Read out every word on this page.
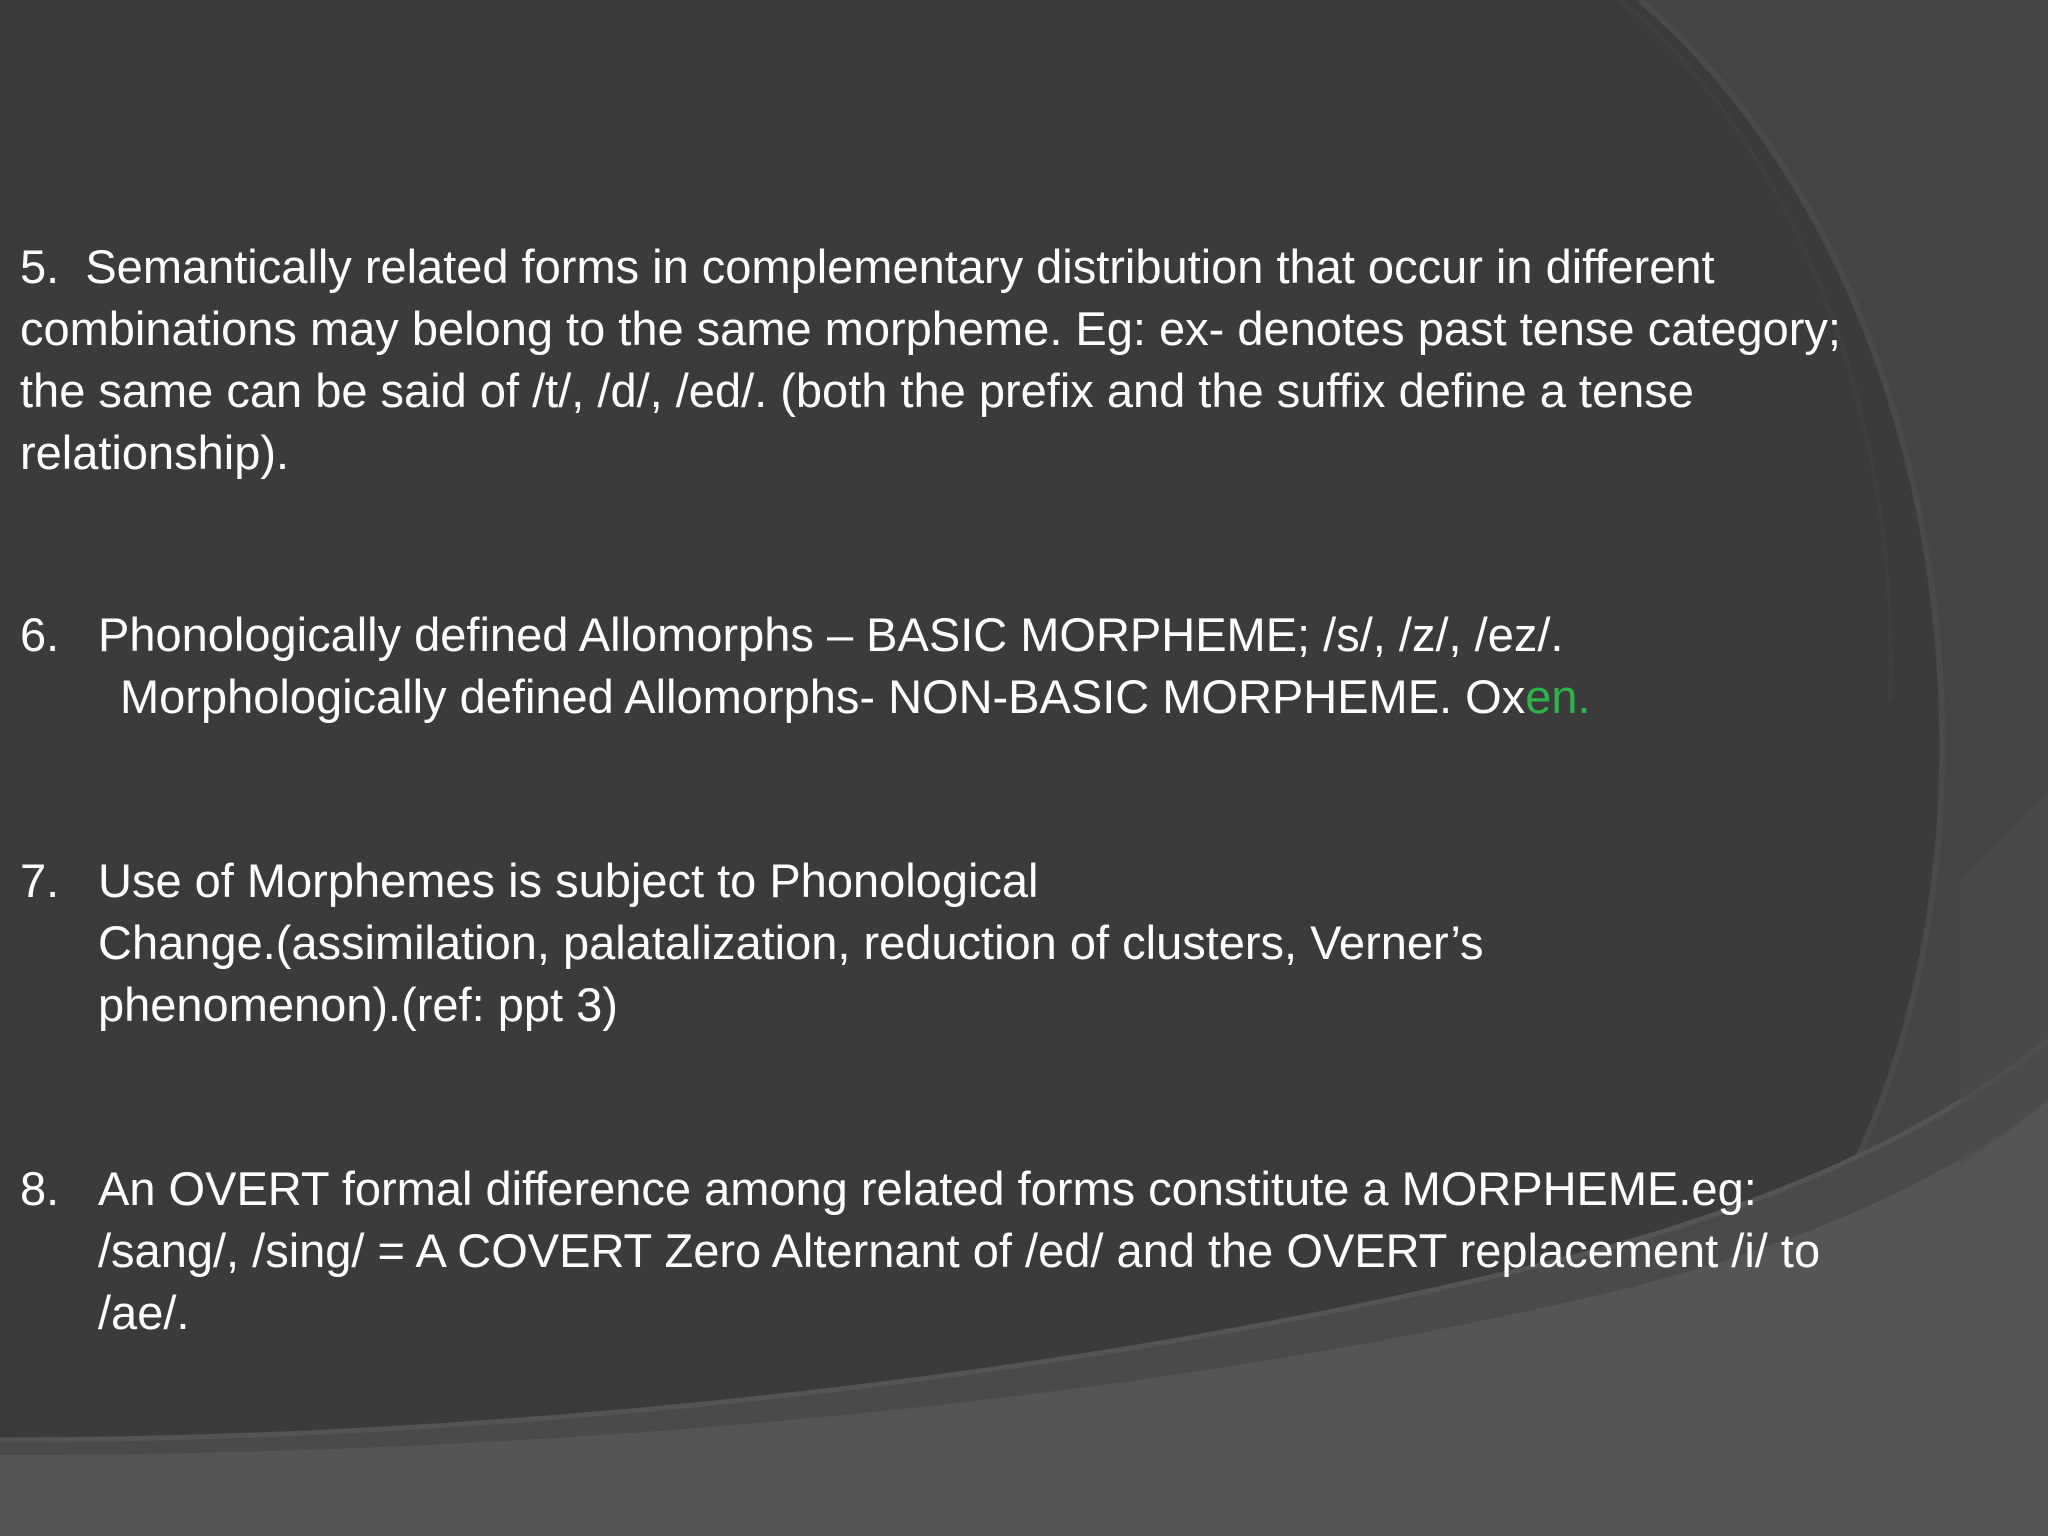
5. Semantically related forms in complementary distribution that occur in different
combinations may belong to the same morpheme. Eg: ex- denotes past tense category;
the same can be said of /t/, /d/, /ed/. (both the prefix and the suffix define a tense
relationship).
6. Phonologically defined Allomorphs – BASIC MORPHEME; /s/, /z/, /ez/.
Morphologically defined Allomorphs- NON-BASIC MORPHEME. Oxen.
7. Use of Morphemes is subject to Phonological
Change.(assimilation, palatalization, reduction of clusters, Verner’s
phenomenon).(ref: ppt 3)
8. An OVERT formal difference among related forms constitute a MORPHEME.eg:
/sang/, /sing/ = A COVERT Zero Alternant of /ed/ and the OVERT replacement /i/ to
/ae/.
